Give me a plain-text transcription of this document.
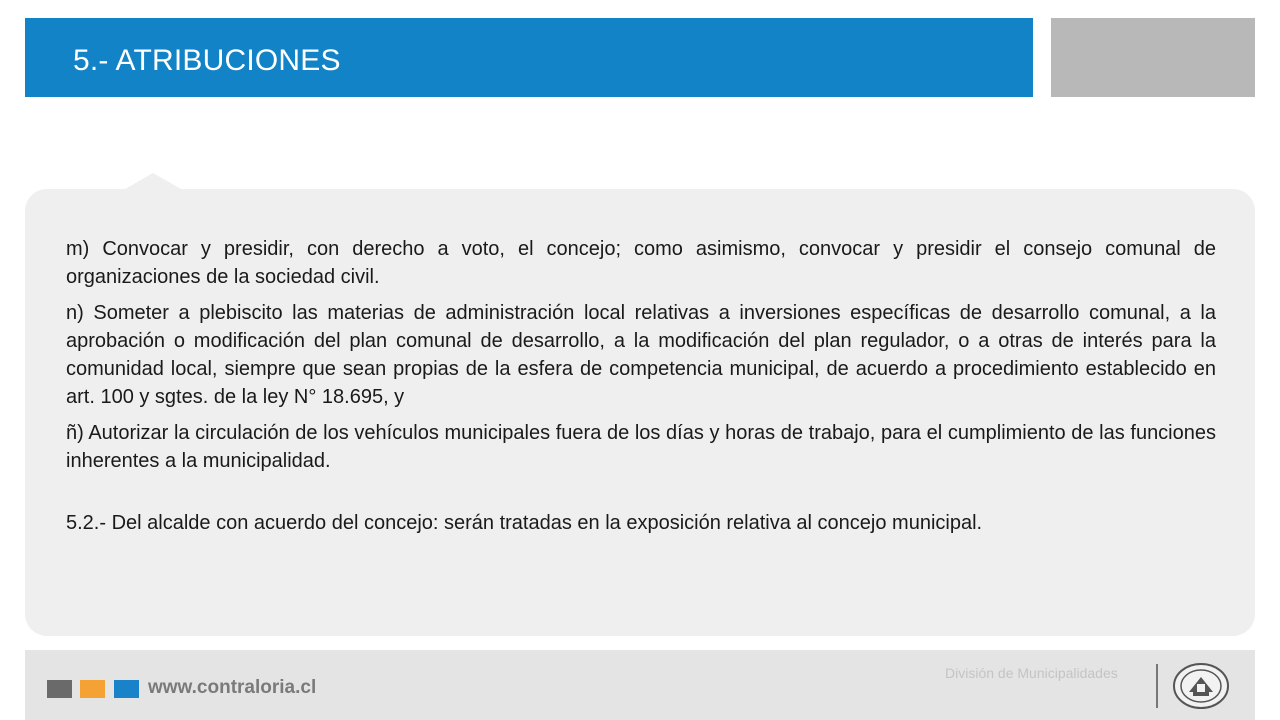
5.- ATRIBUCIONES

m) Convocar y presidir, con derecho a voto, el concejo; como asimismo, convocar y presidir el consejo comunal de organizaciones de la sociedad civil.

n) Someter a plebiscito las materias de administración local relativas a inversiones específicas de desarrollo comunal, a la aprobación o modificación del plan comunal de desarrollo, a la modificación del plan regulador, o a otras de interés para la comunidad local, siempre que sean propias de la esfera de competencia municipal, de acuerdo a procedimiento establecido en art. 100 y sgtes. de la ley N° 18.695, y

ñ) Autorizar la circulación de los vehículos municipales fuera de los días y horas de trabajo, para el cumplimiento de las funciones inherentes a la municipalidad.

5.2.- Del alcalde con acuerdo del concejo: serán tratadas en la exposición relativa al concejo municipal.

www.contraloria.cl
División de Municipalidades
